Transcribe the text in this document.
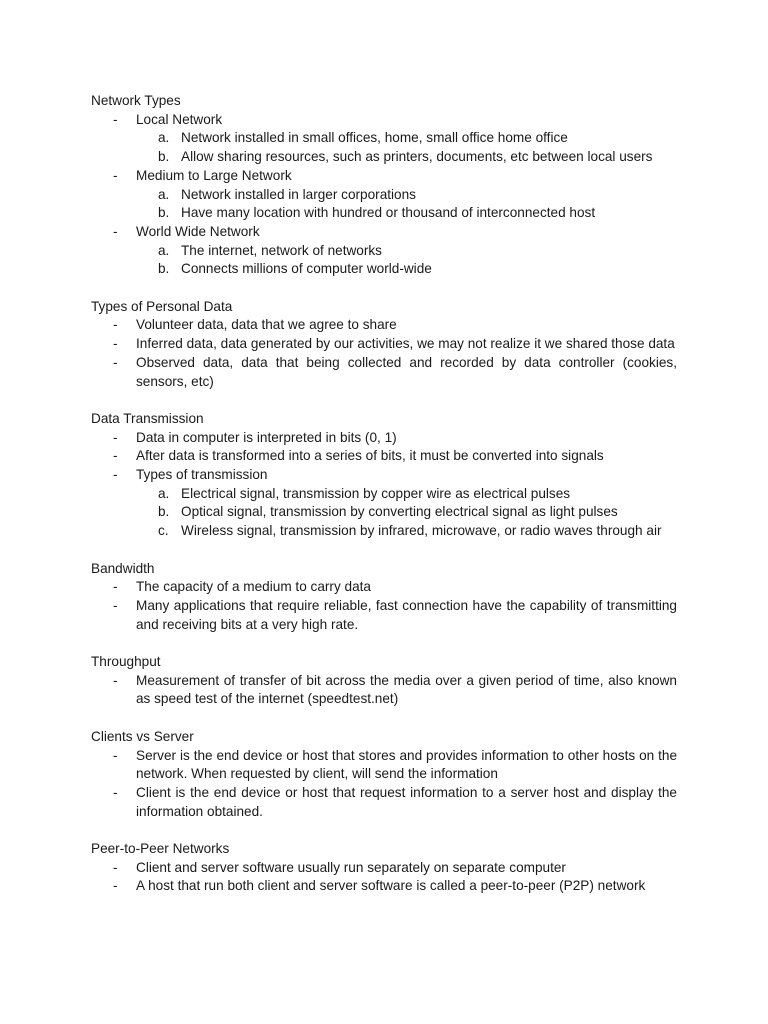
Network Types
- Local Network
a. Network installed in small offices, home, small office home office
b. Allow sharing resources, such as printers, documents, etc between local users
- Medium to Large Network
a. Network installed in larger corporations
b. Have many location with hundred or thousand of interconnected host
- World Wide Network
a. The internet, network of networks
b. Connects millions of computer world-wide
Types of Personal Data
- Volunteer data, data that we agree to share
- Inferred data, data generated by our activities, we may not realize it we shared those data
- Observed data, data that being collected and recorded by data controller (cookies, sensors, etc)
Data Transmission
- Data in computer is interpreted in bits (0, 1)
- After data is transformed into a series of bits, it must be converted into signals
- Types of transmission
a. Electrical signal, transmission by copper wire as electrical pulses
b. Optical signal, transmission by converting electrical signal as light pulses
c. Wireless signal, transmission by infrared, microwave, or radio waves through air
Bandwidth
- The capacity of a medium to carry data
- Many applications that require reliable, fast connection have the capability of transmitting and receiving bits at a very high rate.
Throughput
- Measurement of transfer of bit across the media over a given period of time, also known as speed test of the internet (speedtest.net)
Clients vs Server
- Server is the end device or host that stores and provides information to other hosts on the network. When requested by client, will send the information
- Client is the end device or host that request information to a server host and display the information obtained.
Peer-to-Peer Networks
- Client and server software usually run separately on separate computer
- A host that run both client and server software is called a peer-to-peer (P2P) network
